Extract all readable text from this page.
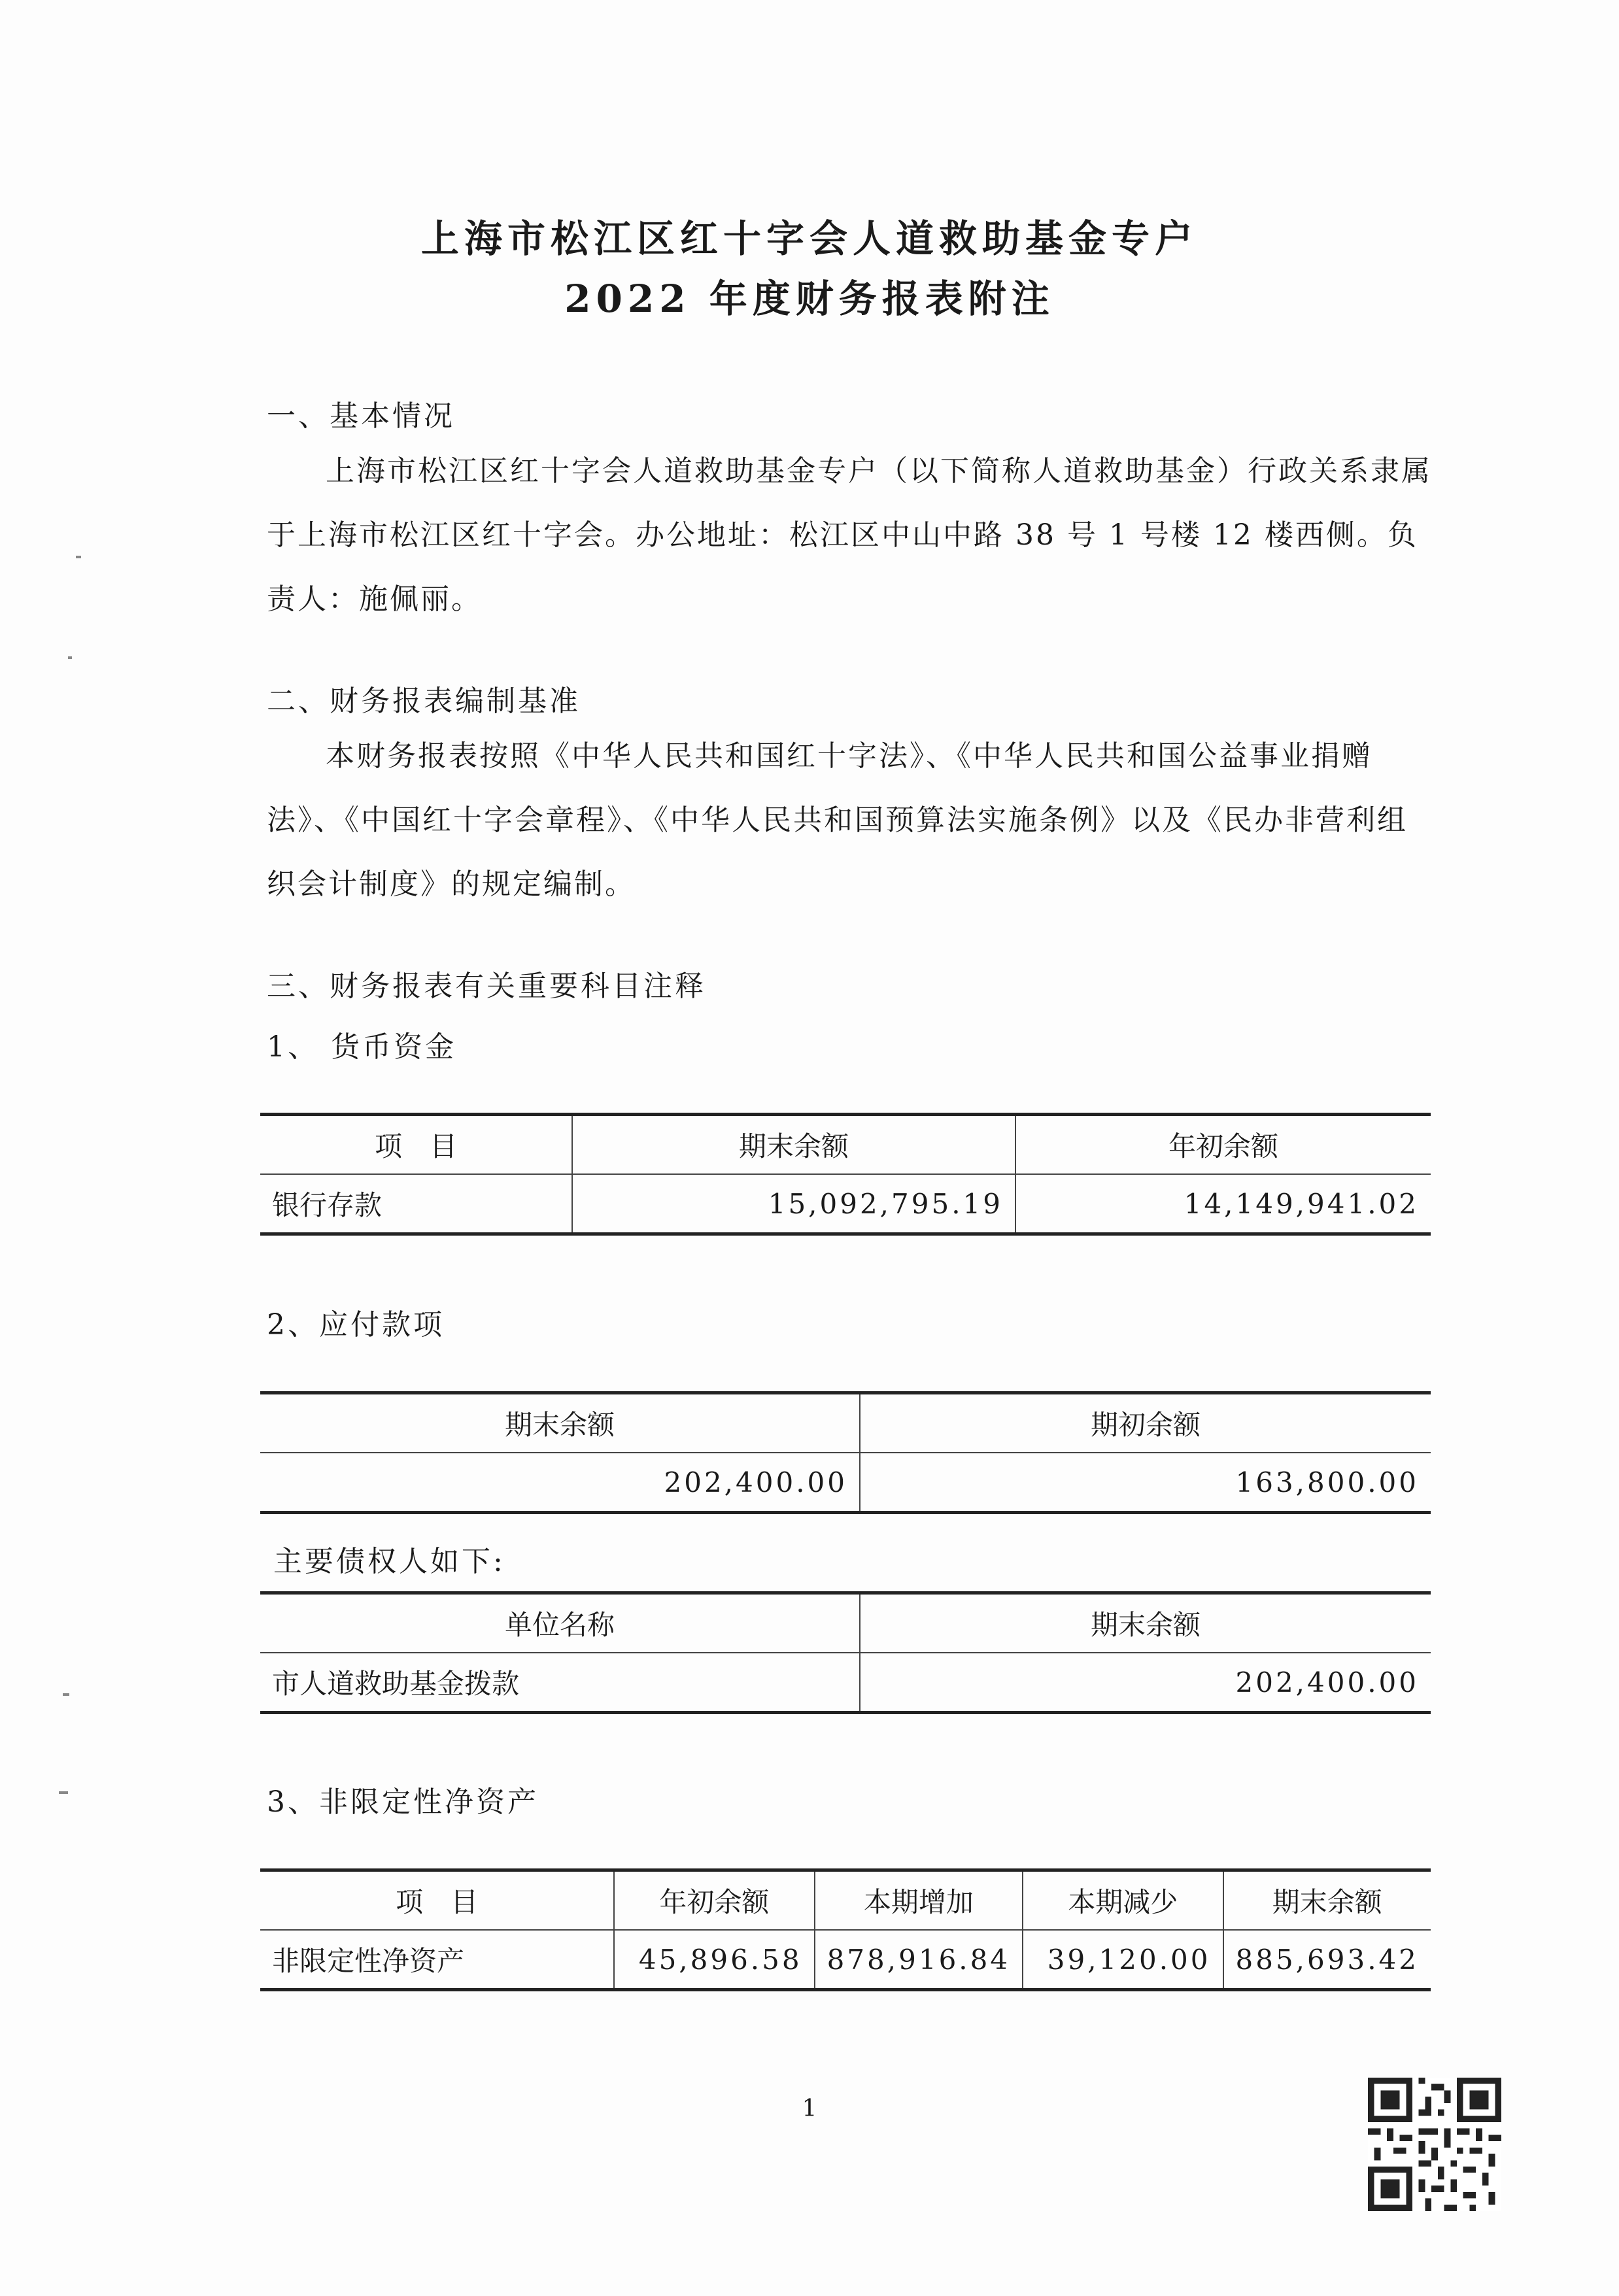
上海市松江区红十字会人道救助基金专户
2022 年度财务报表附注
一、基本情况

上海市松江区红十字会人道救助基金专户（以下简称人道救助基金）行政关系隶属于上海市松江区红十字会。办公地址：松江区中山中路 38 号 1 号楼 12 楼西侧。负责人：施佩丽。

二、财务报表编制基准

本财务报表按照《中华人民共和国红十字法》、《中华人民共和国公益事业捐赠法》、《中国红十字会章程》、《中华人民共和国预算法实施条例》以及《民办非营利组织会计制度》的规定编制。

三、财务报表有关重要科目注释
1、 货币资金
项　目	期末余额	年初余额
银行存款	15,092,795.19	14,149,941.02
2、应付款项
期末余额	期初余额
202,400.00	163,800.00
主要债权人如下:
单位名称	期末余额
市人道救助基金拨款	202,400.00
3、非限定性净资产
项　目	年初余额	本期增加	本期减少	期末余额
非限定性净资产	45,896.58	878,916.84	39,120.00	885,693.42
1
